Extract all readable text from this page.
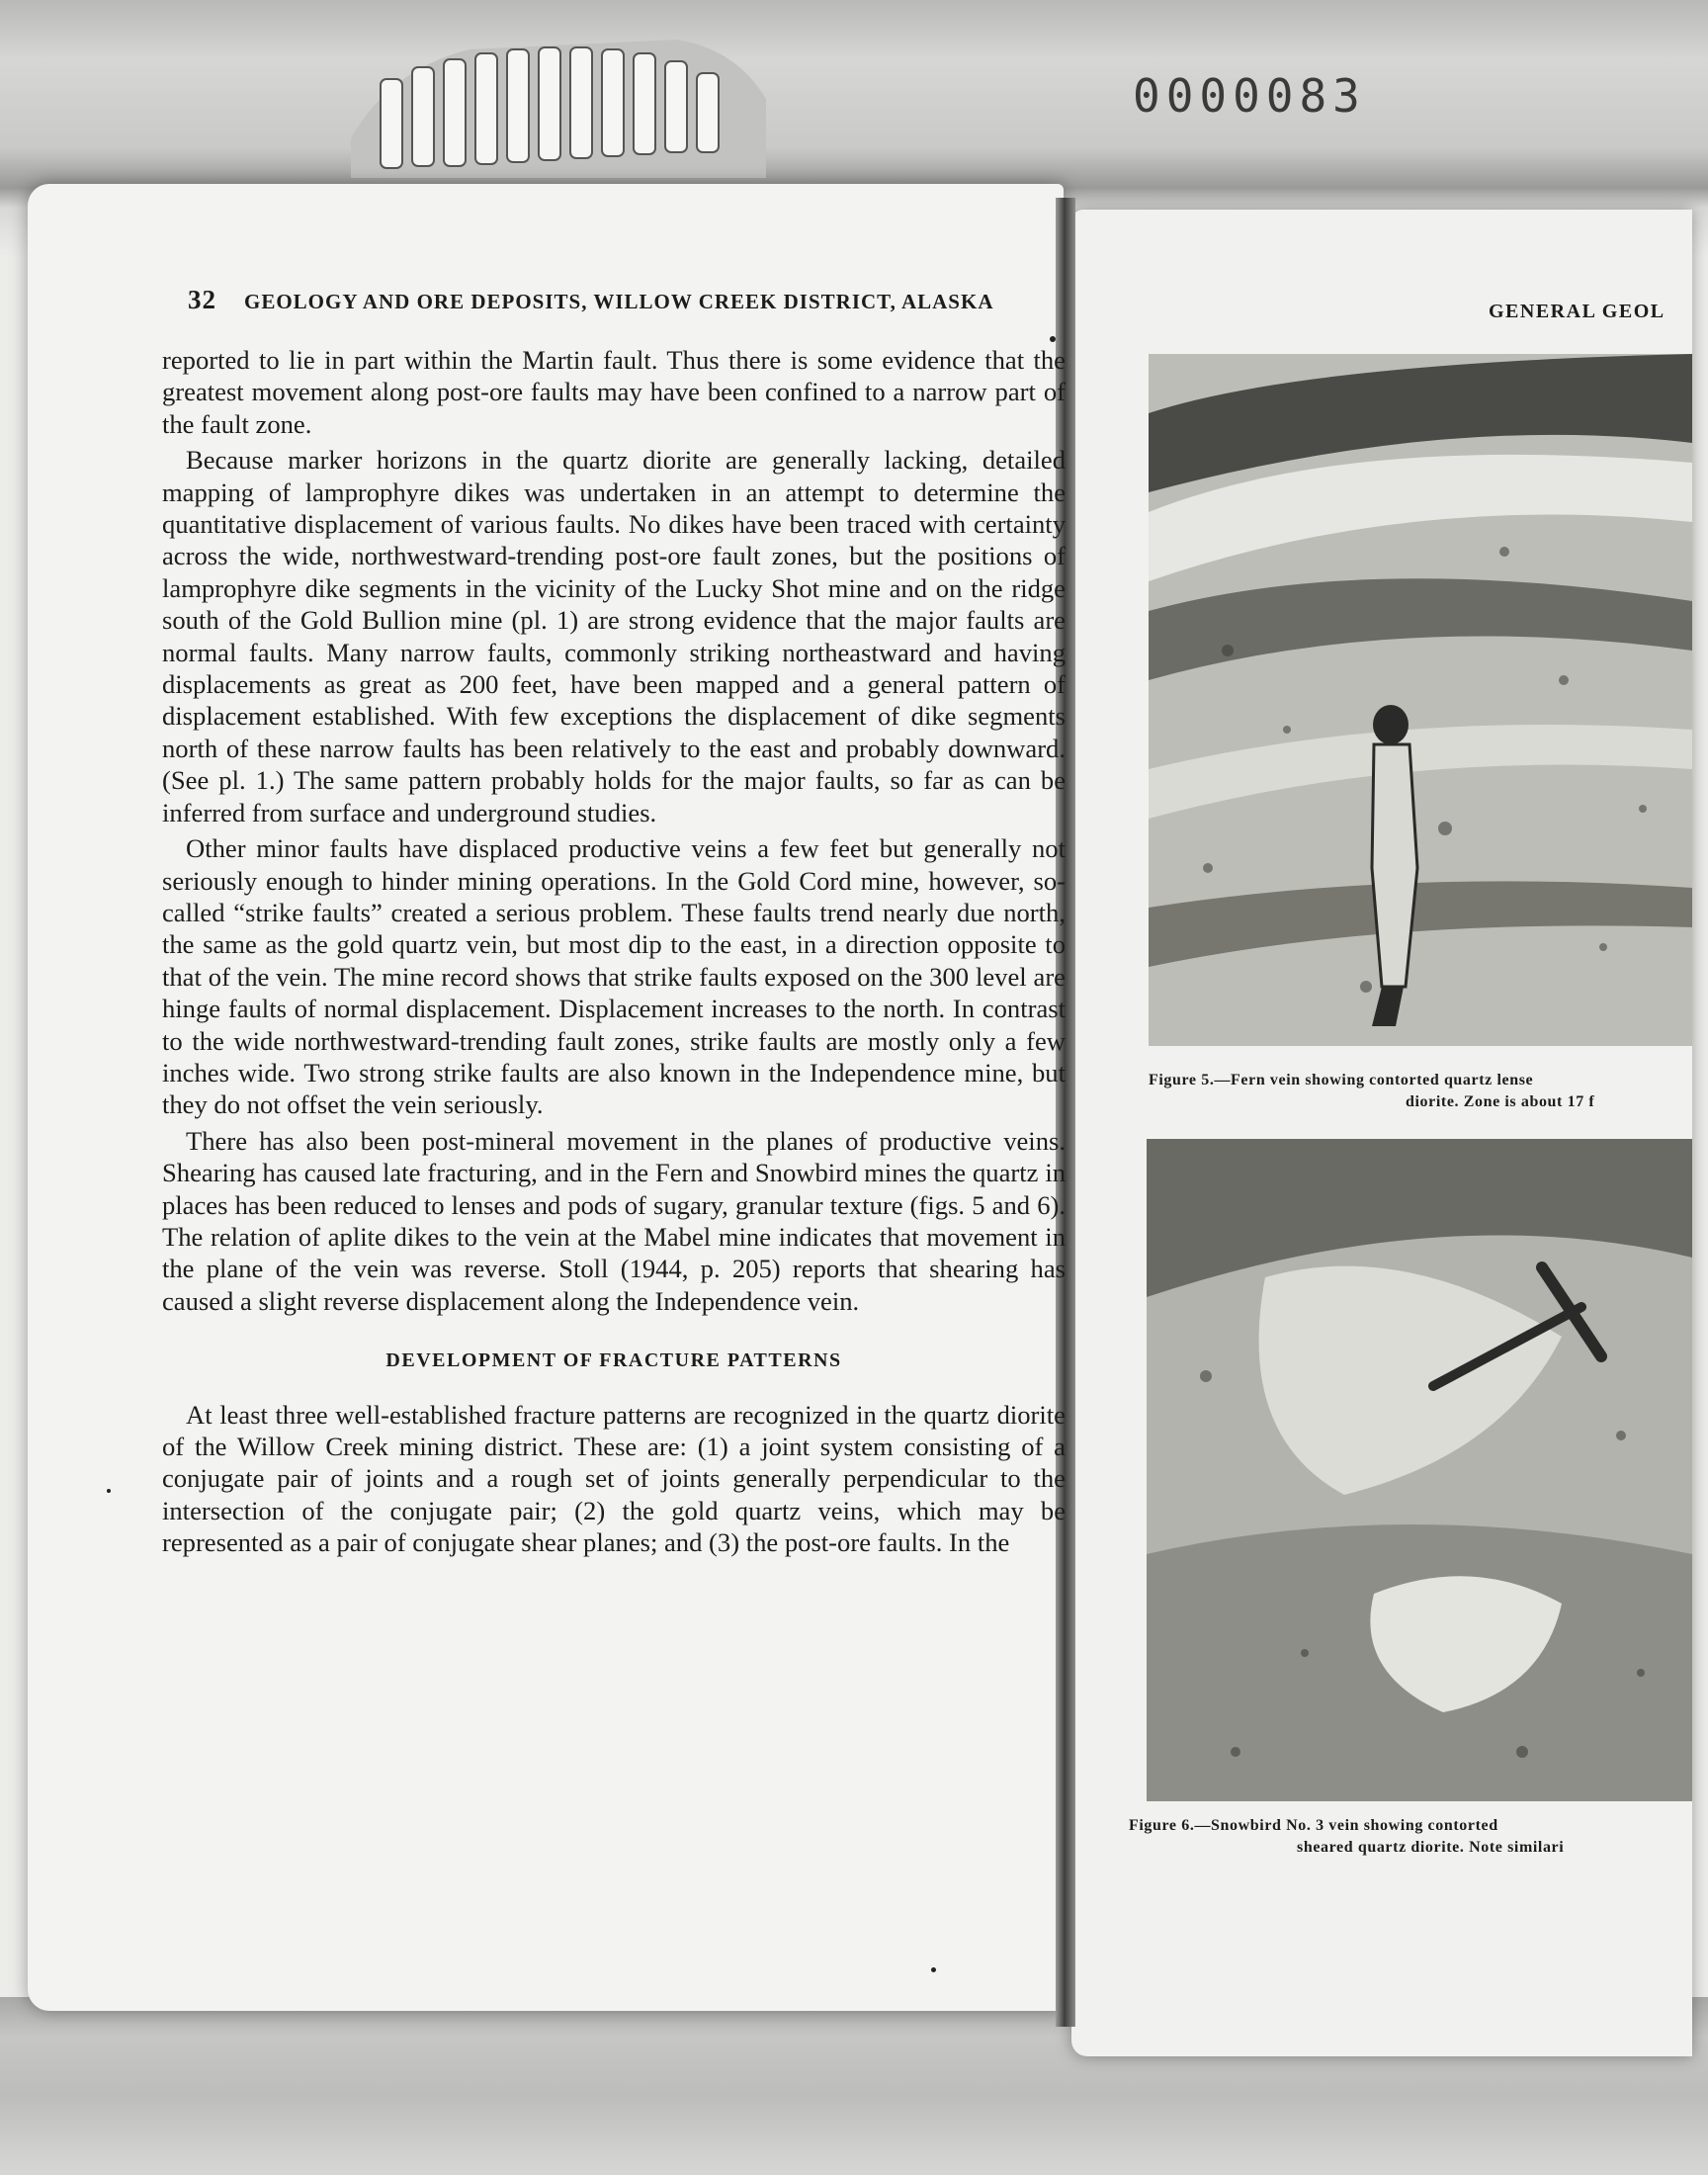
0000083
32 GEOLOGY AND ORE DEPOSITS, WILLOW CREEK DISTRICT, ALASKA

reported to lie in part within the Martin fault. Thus there is some evidence that the greatest movement along post-ore faults may have been confined to a narrow part of the fault zone.

Because marker horizons in the quartz diorite are generally lacking, detailed mapping of lamprophyre dikes was undertaken in an attempt to determine the quantitative displacement of various faults. No dikes have been traced with certainty across the wide, northwestward-trending post-ore fault zones, but the positions of lamprophyre dike segments in the vicinity of the Lucky Shot mine and on the ridge south of the Gold Bullion mine (pl. 1) are strong evidence that the major faults are normal faults. Many narrow faults, commonly striking northeastward and having displacements as great as 200 feet, have been mapped and a general pattern of displacement established. With few exceptions the displacement of dike segments north of these narrow faults has been relatively to the east and probably downward. (See pl. 1.) The same pattern probably holds for the major faults, so far as can be inferred from surface and underground studies.

Other minor faults have displaced productive veins a few feet but generally not seriously enough to hinder mining operations. In the Gold Cord mine, however, so-called “strike faults” created a serious problem. These faults trend nearly due north, the same as the gold quartz vein, but most dip to the east, in a direction opposite to that of the vein. The mine record shows that strike faults exposed on the 300 level are hinge faults of normal displacement. Displacement increases to the north. In contrast to the wide northwestward-trending fault zones, strike faults are mostly only a few inches wide. Two strong strike faults are also known in the Independence mine, but they do not offset the vein seriously.

There has also been post-mineral movement in the planes of productive veins. Shearing has caused late fracturing, and in the Fern and Snowbird mines the quartz in places has been reduced to lenses and pods of sugary, granular texture (figs. 5 and 6). The relation of aplite dikes to the vein at the Mabel mine indicates that movement in the plane of the vein was reverse. Stoll (1944, p. 205) reports that shearing has caused a slight reverse displacement along the Independence vein.

DEVELOPMENT OF FRACTURE PATTERNS

At least three well-established fracture patterns are recognized in the quartz diorite of the Willow Creek mining district. These are: (1) a joint system consisting of a conjugate pair of joints and a rough set of joints generally perpendicular to the intersection of the conjugate pair; (2) the gold quartz veins, which may be represented as a pair of conjugate shear planes; and (3) the post-ore faults. In the

GENERAL GEOL
Figure 5.—Fern vein showing contorted quartz lense
diorite. Zone is about 17 f
Figure 6.—Snowbird No. 3 vein showing contorted
sheared quartz diorite. Note similari
